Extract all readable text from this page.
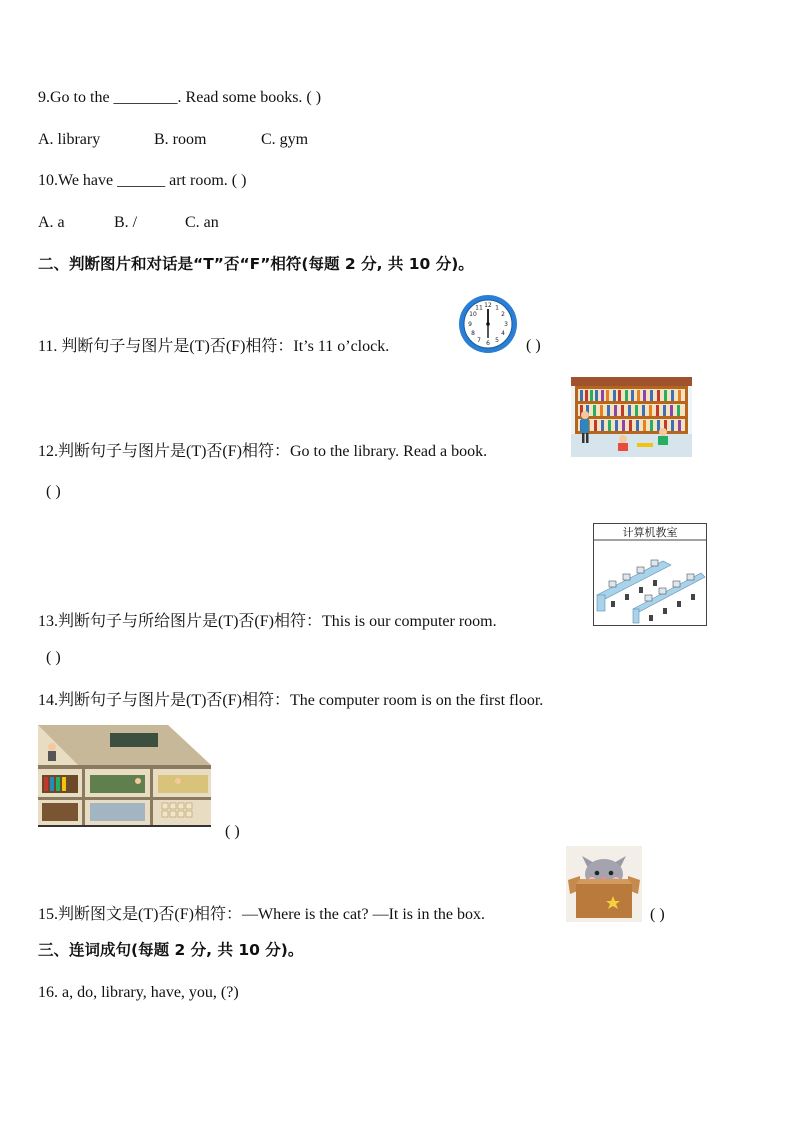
9.Go to the ________. Read some books. ( )
A. library	B. room	C. gym
10.We have ______ art room. ( )
A. a	B. /	C. an
二、判断图片和对话是“T”否“F”相符(每题 2 分, 共 10 分)。
11. 判断句子与图片是(T)否(F)相符：It’s 11 o’clock.
12 1
2
3
4
5
6
7
8
9
10
11
( )
12.判断句子与图片是(T)否(F)相符：Go to the library. Read a book.
( )
13.判断句子与所给图片是(T)否(F)相符：This is our computer room.
计算机教室
( )
14.判断句子与图片是(T)否(F)相符：The computer room is on the first floor.
( )
15.判断图文是(T)否(F)相符：—Where is the cat? —It is in the box.	( )
三、连词成句(每题 2 分, 共 10 分)。
16. a, do, library, have, you, (?)
